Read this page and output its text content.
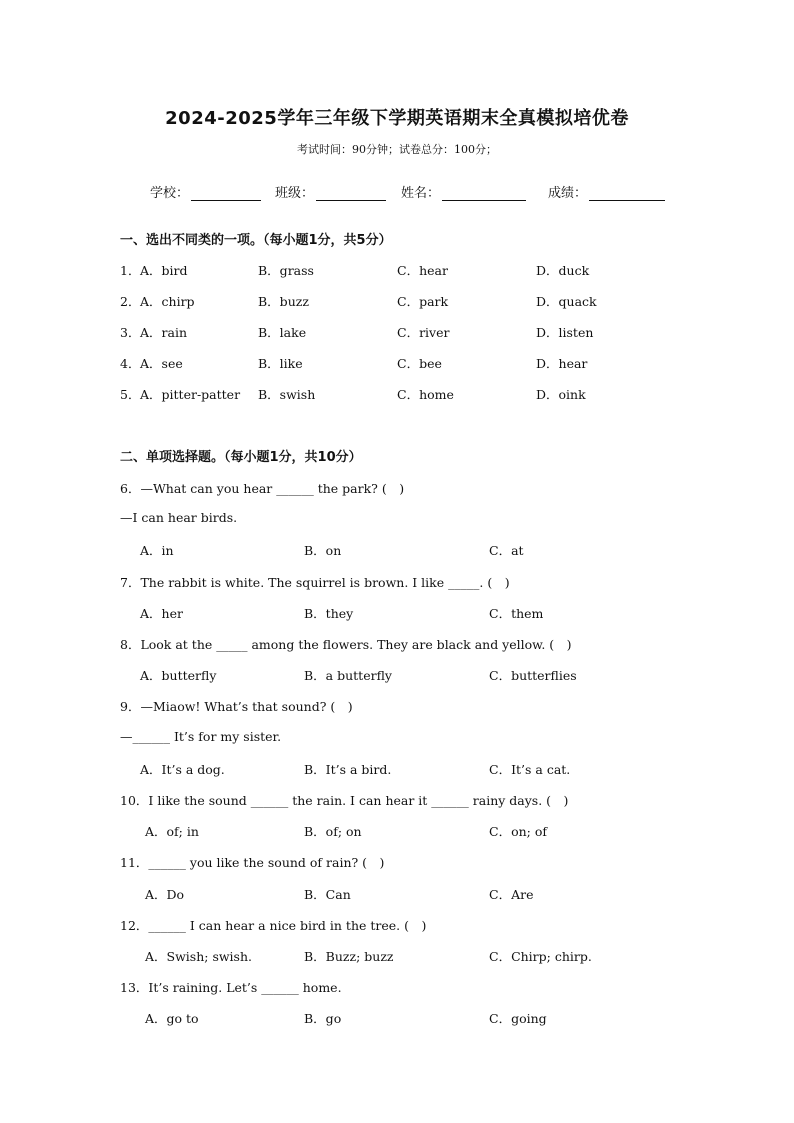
2024-2025学年三年级下学期英语期末全真模拟培优卷
考试时间：90分钟；试卷总分：100分；
学校：	班级：	姓名：	成绩：
一、选出不同类的一项。（每小题1分，共5分）
1． A．bird	B．grass	C．hear	D．duck
2． A．chirp	B．buzz	C．park	D．quack
3． A．rain	B．lake	C．river	D．listen
4． A．see	B．like	C．bee	D．hear
5． A．pitter-patter B．swish	C．home	D．oink
二、单项选择题。（每小题1分，共10分）
6．—What can you hear ______ the park? (　)
—I can hear birds.
A．in	B．on	C．at
7．The rabbit is white. The squirrel is brown. I like _____. (　)
A．her	B．they	C．them
8．Look at the _____ among the flowers. They are black and yellow. (　)
A．butterfly	B．a butterfly	C．butterflies
9．—Miaow! What’s that sound? (　)
—______ It’s for my sister.
A．It’s a dog.	B．It’s a bird.	C．It’s a cat.
10．I like the sound ______ the rain. I can hear it ______ rainy days. (　)
A．of; in	B．of; on	C．on; of
11．______ you like the sound of rain? (　)
A．Do	B．Can	C．Are
12．______ I can hear a nice bird in the tree. (　)
A．Swish; swish.	B．Buzz; buzz	C．Chirp; chirp.
13．It’s raining. Let’s ______ home.
A．go to	B．go	C．going
